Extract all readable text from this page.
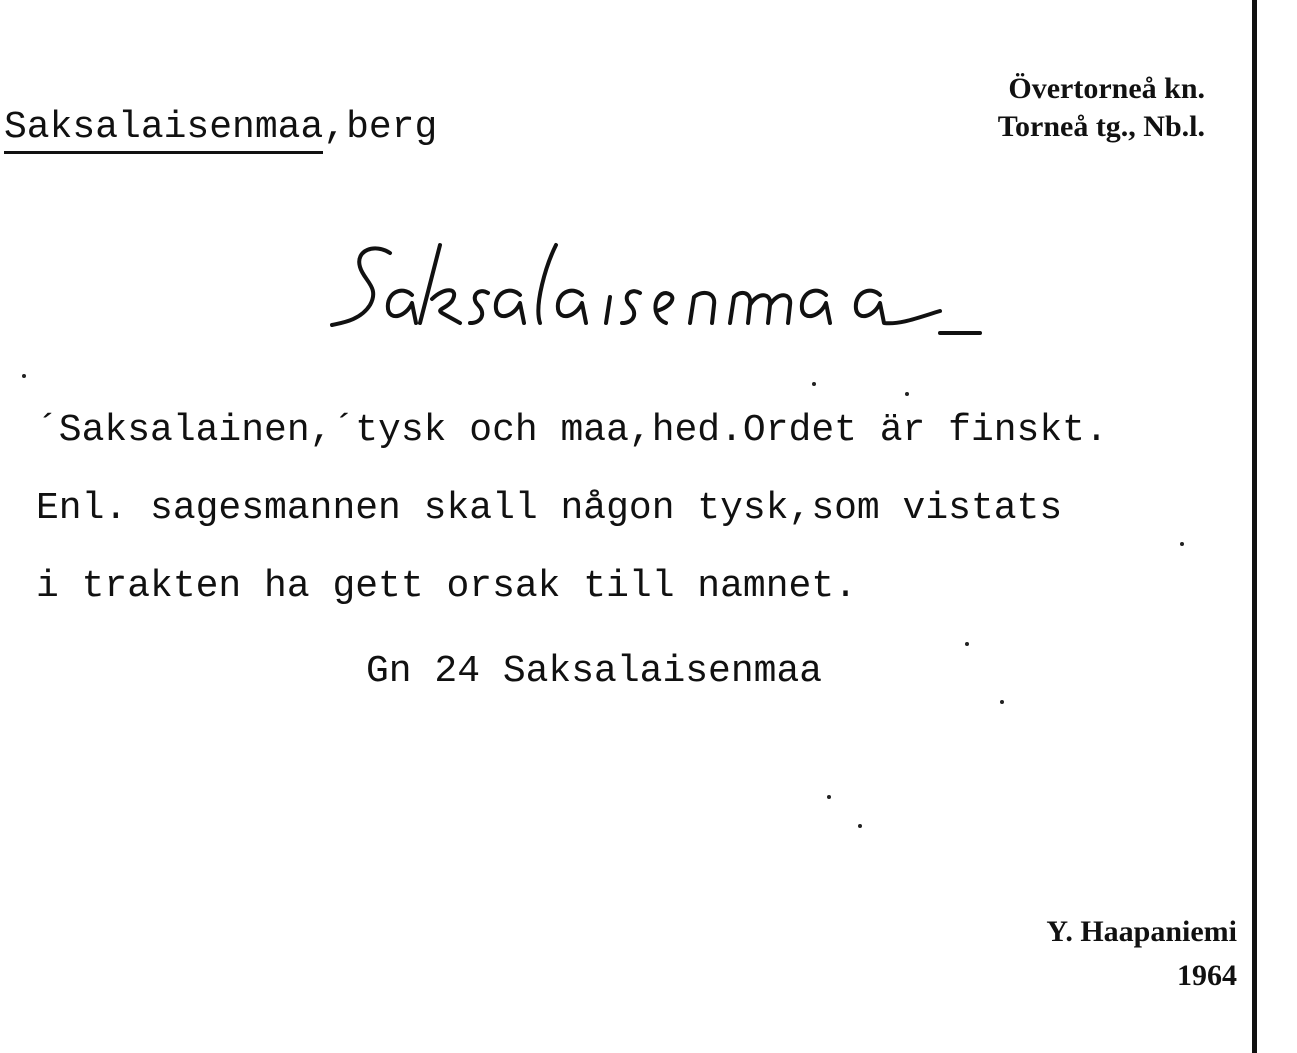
Saksalaisenmaa,berg
Övertorneå kn.
Torneå tg., Nb.l.
´Saksalainen,´tysk och maa,hed.Ordet är finskt.
Enl. sagesmannen skall någon tysk,som vistats
i trakten ha gett orsak till namnet.
Gn 24 Saksalaisenmaa
Y. Haapaniemi
1964
